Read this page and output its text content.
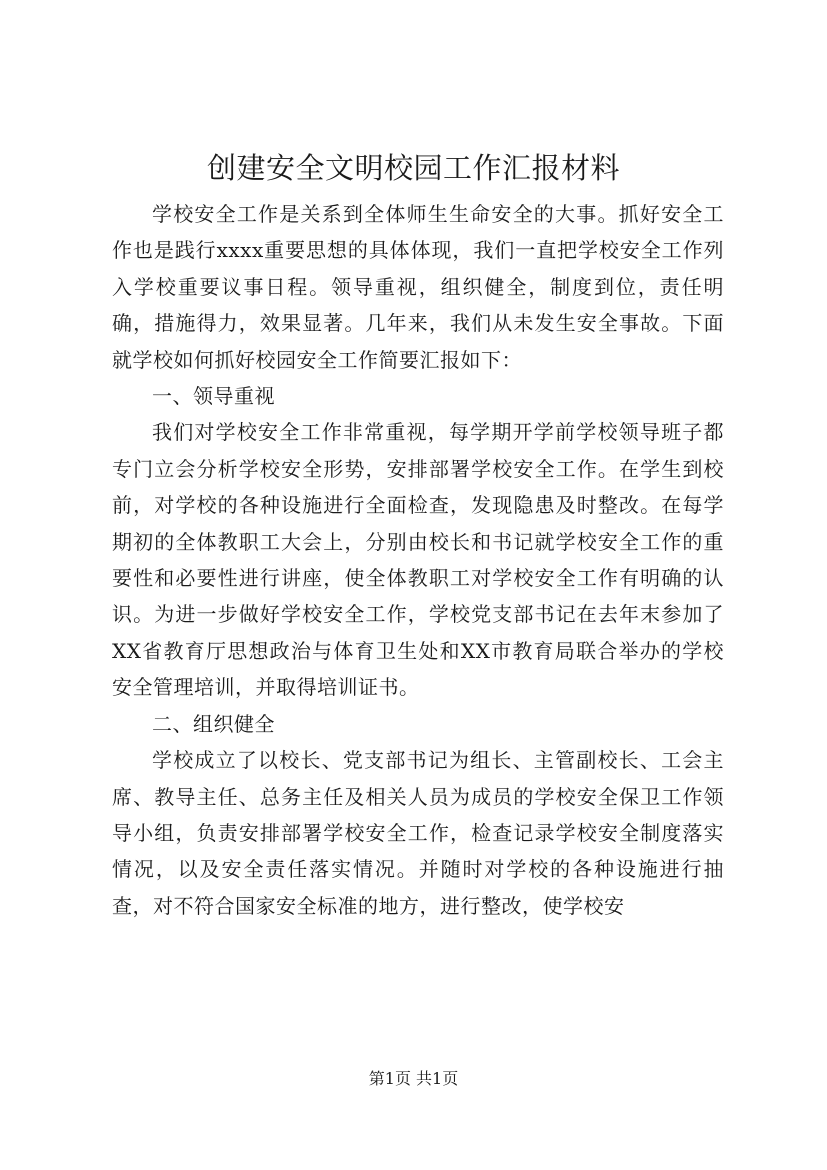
创建安全文明校园工作汇报材料

学校安全工作是关系到全体师生生命安全的大事。抓好安全工作也是践行xxxx重要思想的具体体现，我们一直把学校安全工作列入学校重要议事日程。领导重视，组织健全，制度到位，责任明确，措施得力，效果显著。几年来，我们从未发生安全事故。下面就学校如何抓好校园安全工作简要汇报如下：

一、领导重视

我们对学校安全工作非常重视，每学期开学前学校领导班子都专门立会分析学校安全形势，安排部署学校安全工作。在学生到校前，对学校的各种设施进行全面检查，发现隐患及时整改。在每学期初的全体教职工大会上，分别由校长和书记就学校安全工作的重要性和必要性进行讲座，使全体教职工对学校安全工作有明确的认识。为进一步做好学校安全工作，学校党支部书记在去年末参加了XX省教育厅思想政治与体育卫生处和XX市教育局联合举办的学校安全管理培训，并取得培训证书。

二、组织健全

学校成立了以校长、党支部书记为组长、主管副校长、工会主席、教导主任、总务主任及相关人员为成员的学校安全保卫工作领导小组，负责安排部署学校安全工作，检查记录学校安全制度落实情况，以及安全责任落实情况。并随时对学校的各种设施进行抽查，对不符合国家安全标准的地方，进行整改，使学校安

第1页 共1页
